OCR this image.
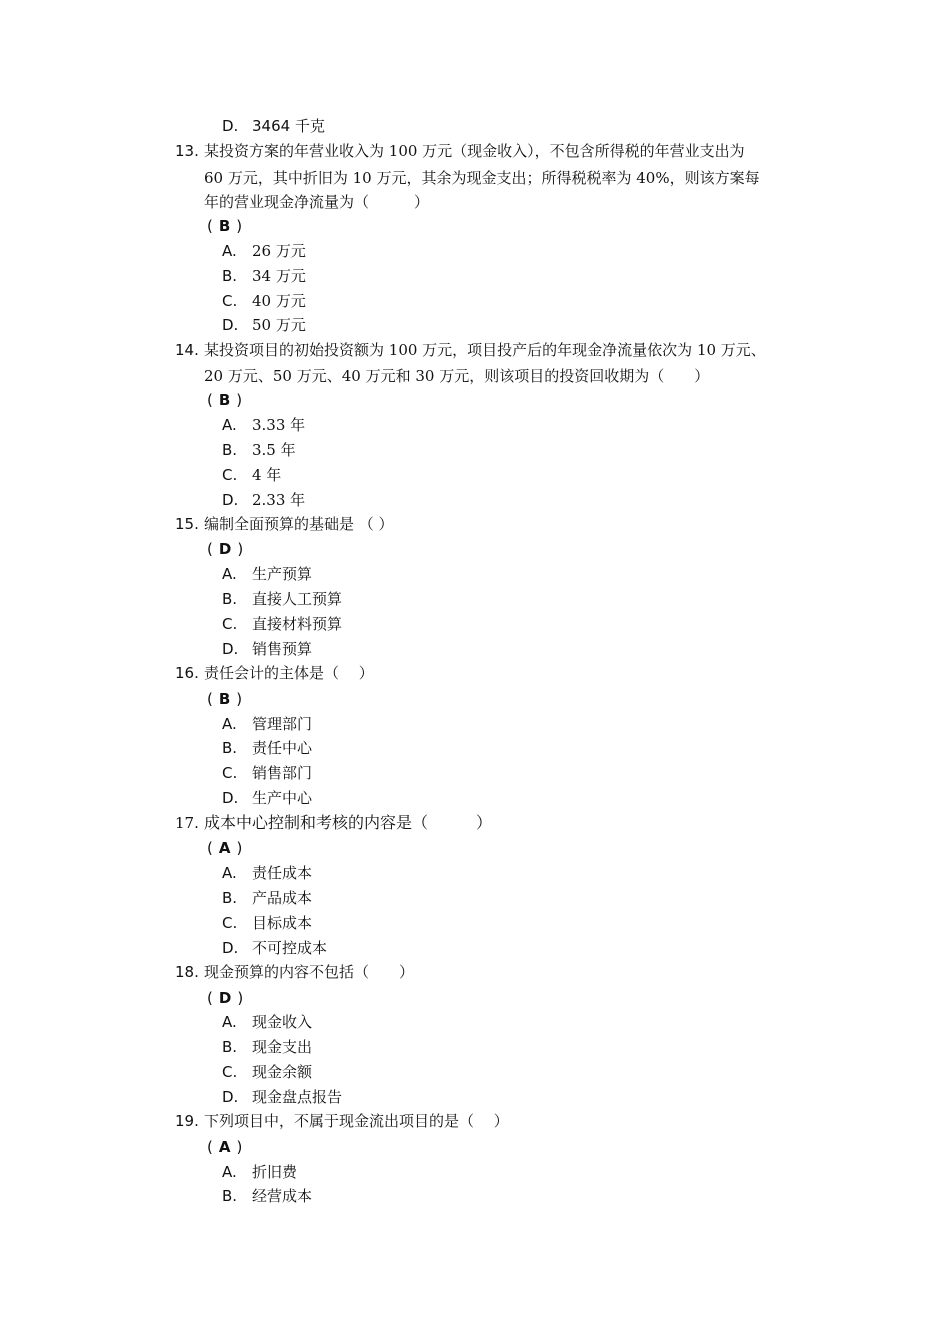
D. 3464 千克
13. 某投资方案的年营业收入为 100 万元（现金收入），不包含所得税的年营业支出为
60 万元，其中折旧为 10 万元，其余为现金支出；所得税税率为 40%，则该方案每
年的营业现金净流量为（　　　）
( B )
A. 26 万元
B. 34 万元
C. 40 万元
D. 50 万元
14. 某投资项目的初始投资额为 100 万元，项目投产后的年现金净流量依次为 10 万元、
20 万元、50 万元、40 万元和 30 万元，则该项目的投资回收期为（　　）
( B )
A. 3.33 年
B. 3.5 年
C. 4 年
D. 2.33 年
15. 编制全面预算的基础是 （ ）
( D )
A. 生产预算
B. 直接人工预算
C. 直接材料预算
D. 销售预算
16. 责任会计的主体是（　 ）
( B )
A. 管理部门
B. 责任中心
C. 销售部门
D. 生产中心
17. 成本中心控制和考核的内容是（　　　）
( A )
A. 责任成本
B. 产品成本
C. 目标成本
D. 不可控成本
18. 现金预算的内容不包括（　　）
( D )
A. 现金收入
B. 现金支出
C. 现金余额
D. 现金盘点报告
19. 下列项目中，不属于现金流出项目的是（　 ）
( A )
A. 折旧费
B. 经营成本
